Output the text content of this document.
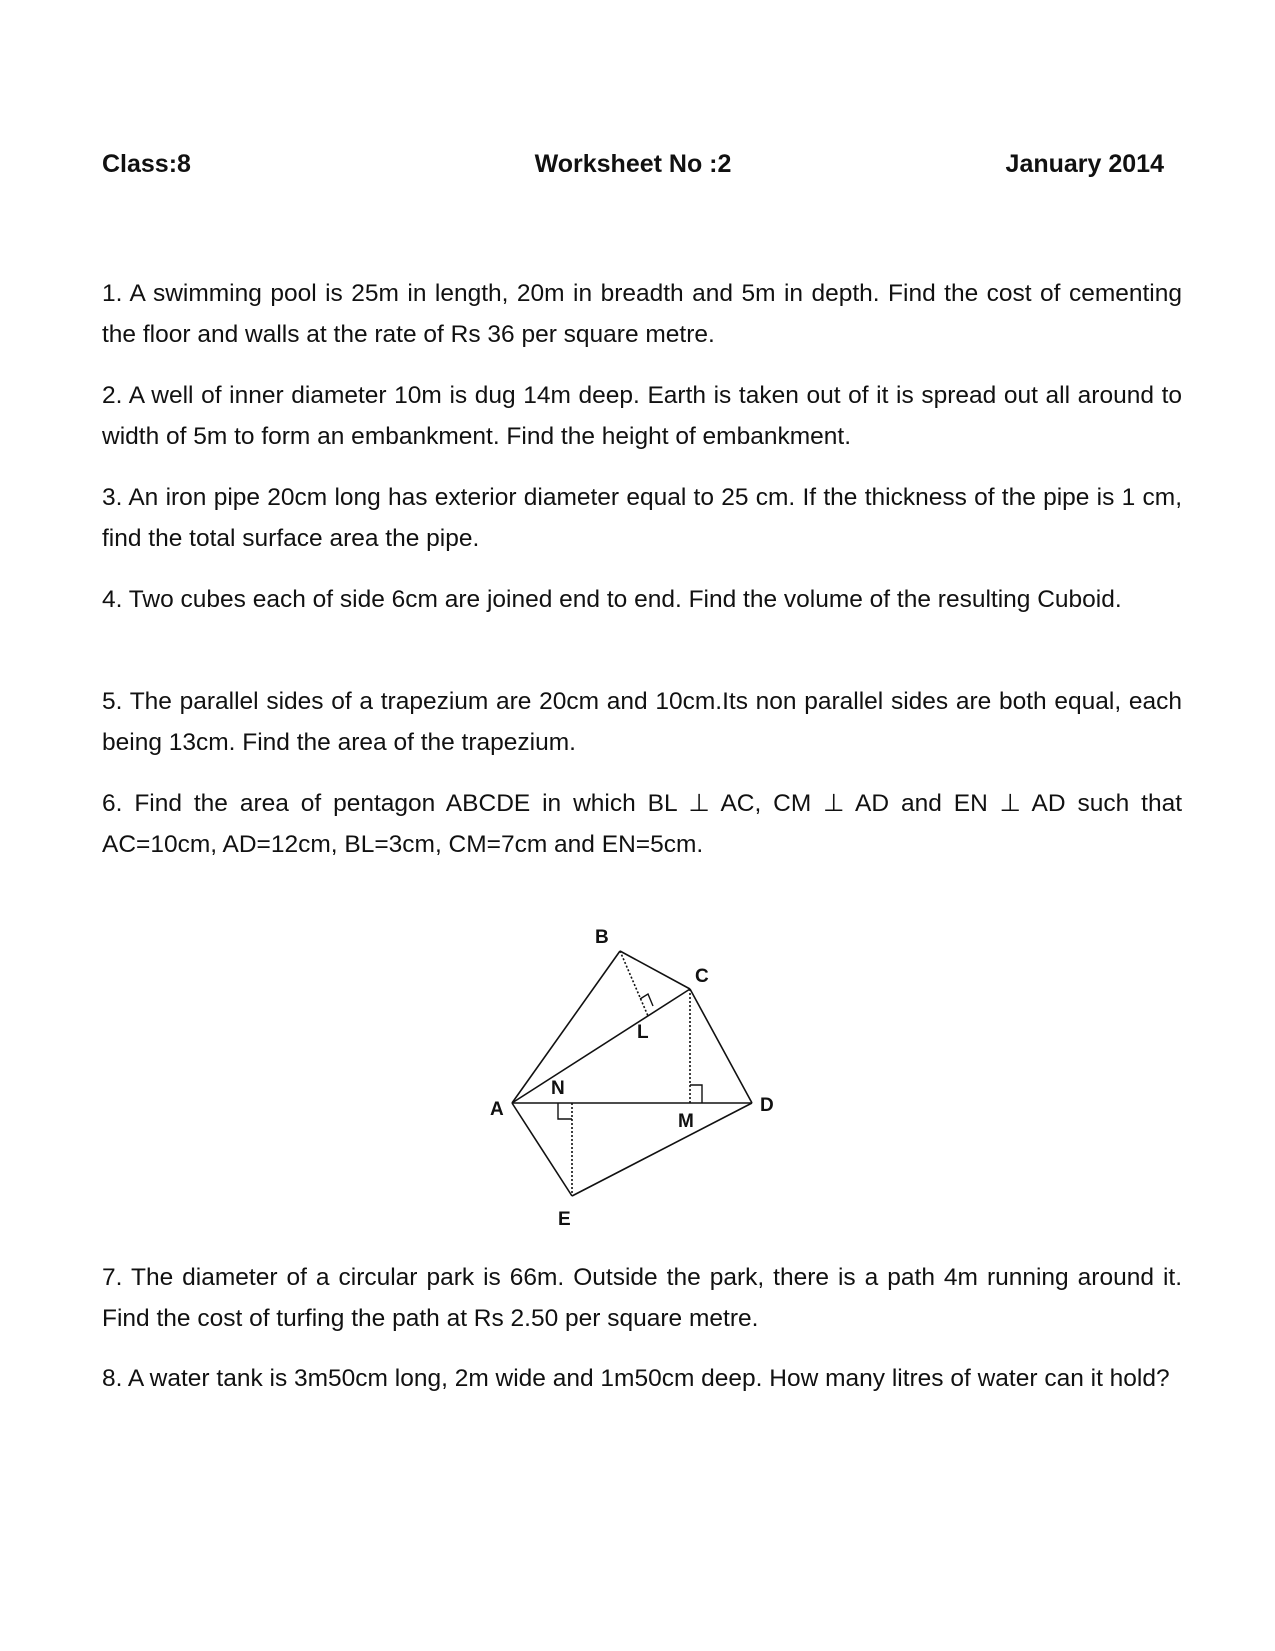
Class:8	Worksheet No :2	January 2014
1. A swimming pool is 25m in length, 20m in breadth and 5m in depth. Find the cost of cementing the floor and walls at the rate of Rs 36 per square metre.
2. A well of inner diameter 10m is dug 14m deep. Earth is taken out of it is spread out all around to width of 5m to form an embankment. Find the height of embankment.
3. An iron pipe 20cm long has exterior diameter equal to 25 cm. If the thickness of the pipe is 1 cm, find the total surface area the pipe.
4. Two cubes each of side 6cm are joined end to end. Find the volume of the resulting Cuboid.
5. The parallel sides of a trapezium are 20cm and 10cm.Its non parallel sides are both equal, each being 13cm. Find the area of the trapezium.
6. Find the area of pentagon ABCDE in which BL ⊥ AC, CM ⊥ AD and EN ⊥ AD such that AC=10cm, AD=12cm, BL=3cm, CM=7cm and EN=5cm.
B
C
L
N
A
M
D
E
7. The diameter of a circular park is 66m. Outside the park, there is a path 4m running around it. Find the cost of turfing the path at Rs 2.50 per square metre.
8. A water tank is 3m50cm long, 2m wide and 1m50cm deep. How many litres of water can it hold?
